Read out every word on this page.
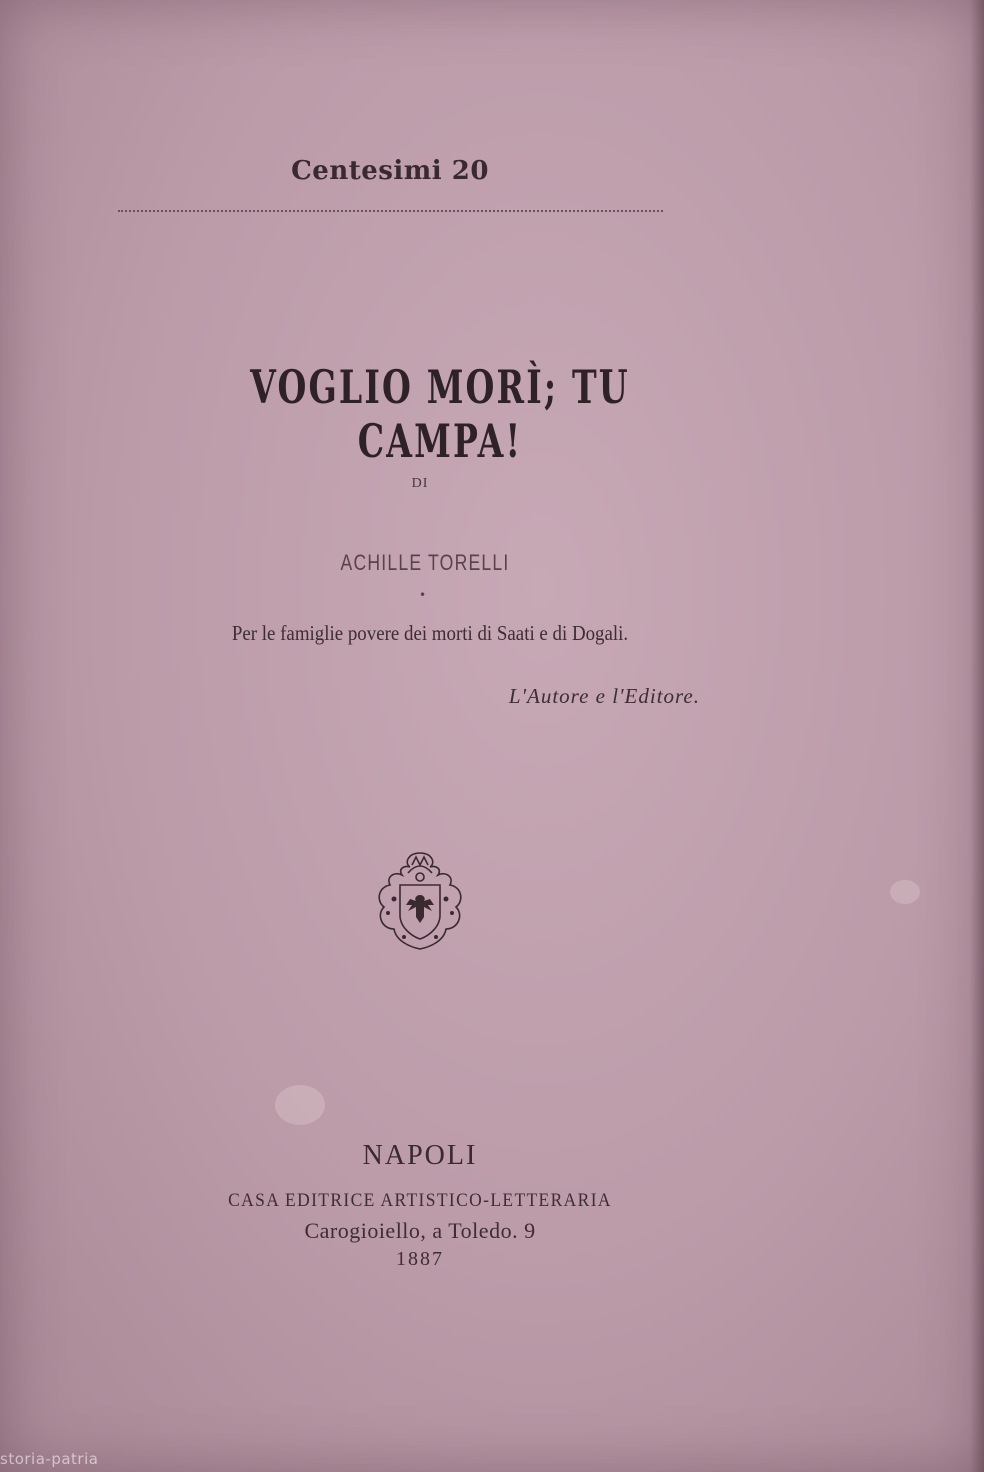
Centesimi 20
VOGLIO MORÌ; TU CAMPA!
DI
ACHILLE TORELLI
•
Per le famiglie povere dei morti di Saati e di Dogali.
L'Autore e l'Editore.
NAPOLI
CASA EDITRICE ARTISTICO-LETTERARIA
Carogioiello, a Toledo. 9
1887
storia-patria
